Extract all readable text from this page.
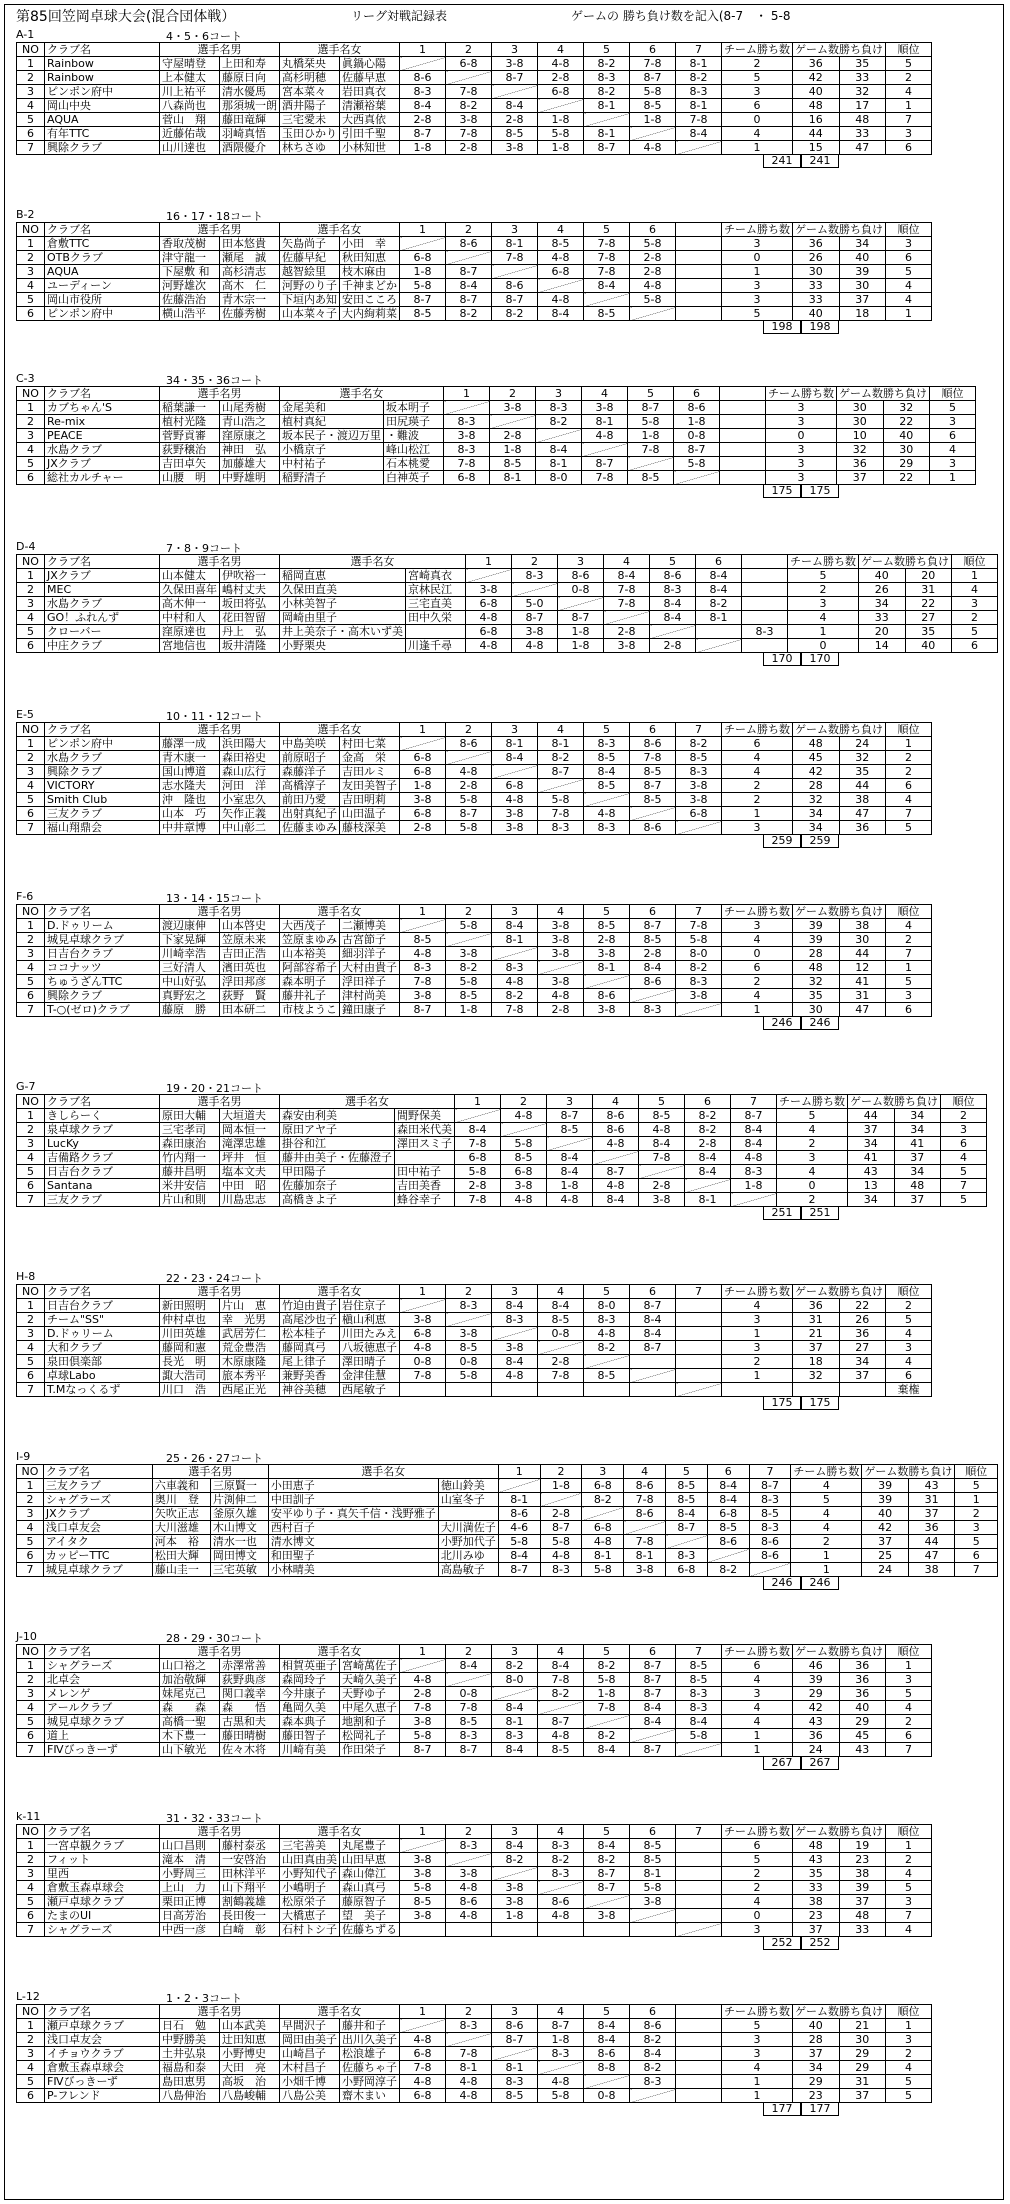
第85回笠岡卓球大会(混合団体戦）	リーグ対戦記録表	ゲームの 勝ち負け数を記入(8-7　・ 5-8
A-1	4・5・6コート
NO	クラブ名	選手名男		選手名女		1	2	3	4	5	6	7	チーム勝ち数	ゲーム数勝ち負け		順位
1	Rainbow	守屋晴登	上田和寿	丸橋栞央	眞鍋心陽		6-8	3-8	4-8	8-2	7-8	8-1	2	36	35	5
2	Rainbow	上本健太	藤原日向	高杉明穂	佐藤早恵	8-6		8-7	2-8	8-3	8-7	8-2	5	42	33	2
3	ピンポン府中	川上祐平	清水優馬	宮本菜々	岩田真衣	8-3	7-8		6-8	8-2	5-8	8-3	3	40	32	4
4	岡山中央	八森尚也	那須城一朗	酒井陽子	清瀬裕葉	8-4	8-2	8-4		8-1	8-5	8-1	6	48	17	1
5	AQUA	菅山　翔	藤田竜輝	三宅愛未	大西真依	2-8	3-8	2-8	1-8		1-8	7-8	0	16	48	7
6	有年TTC	近藤佑哉	羽崎真悟	玉田ひかり	引田千聖	8-7	7-8	8-5	5-8	8-1		8-4	4	44	33	3
7	興除クラブ	山川達也	酒隈優介	林ちさゆ	小林知世	1-8	2-8	3-8	1-8	8-7	4-8		1	15	47	6
241	241
B-2	16・17・18コート
NO	クラブ名	選手名男		選手名女		1	2	3	4	5	6		チーム勝ち数	ゲーム数勝ち負け		順位
1	倉敷TTC	香取茂樹	田本悠貴	矢島尚子	小田　幸		8-6	8-1	8-5	7-8	5-8		3	36	34	3
2	OTBクラブ	津守龍一	瀬尾　誠	佐藤早紀	秋田知恵	6-8		7-8	4-8	7-8	2-8		0	26	40	6
3	AQUA	下屋敷 和	高杉清志	越智絵里	枝木麻由	1-8	8-7		6-8	7-8	2-8		1	30	39	5
4	ユーディーン	河野雄次	高木　仁	河野のり子	千神まどか	5-8	8-4	8-6		8-4	4-8		3	33	30	4
5	岡山市役所	佐藤浩治	青木宗一	下垣内あ知	安田こころ	8-7	8-7	8-7	4-8		5-8		3	33	37	4
6	ピンポン府中	横山浩平	佐藤秀樹	山本菜々子	大内絢莉菜	8-5	8-2	8-2	8-4	8-5			5	40	18	1
198	198
C-3	34・35・36コート
NO	クラブ名	選手名男		選手名女		1	2	3	4	5	6		チーム勝ち数	ゲーム数勝ち負け		順位
1	カブちゃん'S	稲葉謙一	山尾秀樹	金尾美和	坂本明子		3-8	8-3	3-8	8-7	8-6		3	30	32	5
2	Re-mix	植村光隆	青山浩之	植村真紀	田尻瑛子	8-3		8-2	8-1	5-8	1-8		3	30	22	3
3	PEACE	菅野貢審	窪原康之	坂本民子・渡辺万里	・難波	3-8	2-8		4-8	1-8	0-8		0	10	40	6
4	水島クラブ	荻野穣治	神田　弘	小橋京子	峰山松江	8-3	1-8	8-4		7-8	8-7		3	32	30	4
5	JXクラブ	吉田卓矢	加藤雄大	中村祐子	石本桃愛	7-8	8-5	8-1	8-7		5-8		3	36	29	3
6	総社カルチャー	山腰　明	中野雄明	稲野清子	白神英子	6-8	8-1	8-0	7-8	8-5			3	37	22	1
175	175
D-4	7・8・9コート
NO	クラブ名	選手名男		選手名女		1	2	3	4	5	6		チーム勝ち数	ゲーム数勝ち負け		順位
1	JXクラブ	山本健太	伊吹裕一	稲岡直恵	宮崎真衣		8-3	8-6	8-4	8-6	8-4		5	40	20	1
2	MEC	久保田喜年	嶋村丈夫	久保田直美	京林民江	3-8		0-8	7-8	8-3	8-4		2	26	31	4
3	水島クラブ	高木伸一	坂田将弘	小林美智子	三宅直美	6-8	5-0		7-8	8-4	8-2		3	34	22	3
4	GO！ふれんず	中村和人	花田智留	岡崎由里子	田中久栄	4-8	8-7	8-7		8-4	8-1		4	33	27	2
5	クローバー	窪原達也	丹上　弘	井上美奈子・高木いず美		6-8	3-8	1-8	2-8			8-3	1	20	35	5
6	中庄クラブ	宮地信也	坂井清隆	小野栗央	川逢千尋	4-8	4-8	1-8	3-8	2-8			0	14	40	6
170	170
E-5	10・11・12コート
NO	クラブ名	選手名男		選手名女		1	2	3	4	5	6	7	チーム勝ち数	ゲーム数勝ち負け		順位
1	ピンポン府中	藤澤一成	浜田陽大	中島美咲	村田七菜		8-6	8-1	8-1	8-3	8-6	8-2	6	48	24	1
2	水島クラブ	青木康一	森田裕史	前原昭子	金高　栄	6-8		8-4	8-2	8-5	7-8	8-5	4	45	32	2
3	興除クラブ	国山博道	森山広行	森藤洋子	吉田ルミ	6-8	4-8		8-7	8-4	8-5	8-3	4	42	35	2
4	VICTORY	志水隆夫	河田　洋	高橋淳子	友田美智子	1-8	2-8	6-8		8-5	8-7	3-8	2	28	44	6
5	Smith Club	沖　隆也	小室忠久	前田乃愛	吉田明莉	3-8	5-8	4-8	5-8		8-5	3-8	2	32	38	4
6	三友クラブ	山本　巧	矢作正義	出射真紀子	山田温子	6-8	8-7	3-8	7-8	4-8		6-8	1	34	47	7
7	福山翔鼎会	中井章博	中山彰二	佐藤まゆみ	藤枝深美	2-8	5-8	3-8	8-3	8-3	8-6		3	34	36	5
259	259
F-6	13・14・15コート
NO	クラブ名	選手名男		選手名女		1	2	3	4	5	6	7	チーム勝ち数	ゲーム数勝ち負け		順位
1	D.ドゥリーム	渡辺康伸	山本啓史	大西茂子	二瀬博美		5-8	8-4	3-8	8-5	8-7	7-8	3	39	38	4
2	城見卓球クラブ	下家晃輝	笠原未来	笠原まゆみ	古宮節子	8-5		8-1	3-8	2-8	8-5	5-8	4	39	30	2
3	日吉台クラブ	川崎幸浩	吉田正浩	山本裕美	細羽洋子	4-8	3-8		3-8	3-8	2-8	8-0	0	28	44	7
4	ココナッツ	三好清人	濱田英也	阿部容希子	大村由貴子	8-3	8-2	8-3		8-1	8-4	8-2	6	48	12	1
5	ちゅうざんTTC	中山好弘	浮田邦彦	森本明子	浮田祥子	7-8	5-8	4-8	3-8		8-6	8-3	2	32	41	5
6	興除クラブ	真野宏之	荻野　賢	藤井礼子	津村尚美	3-8	8-5	8-2	4-8	8-6		3-8	4	35	31	3
7	T-○(ゼロ)クラブ	藤原　勝	田本研二	市枝ようこ	鐘田康子	8-7	1-8	7-8	2-8	3-8	8-3		1	30	47	6
246	246
G-7	19・20・21コート
NO	クラブ名	選手名男		選手名女		1	2	3	4	5	6	7	チーム勝ち数	ゲーム数勝ち負け		順位
1	きしらーく	原田大輔	大垣道夫	森安由利美	間野保美		4-8	8-7	8-6	8-5	8-2	8-7	5	44	34	2
2	泉卓球クラブ	三宅孝司	岡本恒一	原田アヤ子	森田米代美	8-4		8-5	8-6	4-8	8-2	8-4	4	37	34	3
3	LucKy	森田康治	滝澤忠雄	掛谷和江	澤田スミ子	7-8	5-8		4-8	8-4	2-8	8-4	2	34	41	6
4	吉備路クラブ	竹内翔一	坪井　恒	藤井由美子・佐藤澄子		6-8	8-5	8-4		7-8	8-4	4-8	3	41	37	4
5	日吉台クラブ	藤井昌明	塩本文夫	甲田陽子	田中祐子	5-8	6-8	8-4	8-7		8-4	8-3	4	43	34	5
6	Santana	米井安信	中田　昭	佐藤加奈子	吉田美香	2-8	3-8	1-8	4-8	2-8		1-8	0	13	48	7
7	三友クラブ	片山和則	川島忠志	高橋きよ子	蜂谷幸子	7-8	4-8	4-8	8-4	3-8	8-1		2	34	37	5
251	251
H-8	22・23・24コート
NO	クラブ名	選手名男		選手名女		1	2	3	4	5	6	7	チーム勝ち数	ゲーム数勝ち負け		順位
1	日吉台クラブ	新田照明	片山　恵	竹迫由貴子	岩住京子		8-3	8-4	8-4	8-0	8-7		4	36	22	2
2	チーム"SS"	仲村卓也	幸　光男	高尾沙也子	槇山利恵	3-8		8-3	8-5	8-3	8-4		3	31	26	5
3	D.ドゥリーム	川田英雄	武居芳仁	松本桂子	川田たみえ	6-8	3-8		0-8	4-8	8-4		1	21	36	4
4	大和クラブ	藤岡和憲	荒金豊浩	藤岡真弓	八坂徳恵子	4-8	8-5	3-8		8-2	8-7		3	37	27	3
5	泉田倶楽部	長光　明	木原康隆	尾上律子	澤田晴子	0-8	0-8	8-4	2-8				2	18	34	4
6	卓球Labo	諏大浩司	旅本秀平	兼野美香	金津佳慧	7-8	5-8	4-8	7-8	8-5			1	32	37	6
7	T.Mなっくるず	川口　浩	西尾正光	神谷美穂	西尾敏子											棄権
175	175
I-9	25・26・27コート
NO	クラブ名	選手名男		選手名女		1	2	3	4	5	6	7	チーム勝ち数	ゲーム数勝ち負け		順位
1	三友クラブ	六車義和	三原賢一	小田恵子	徳山鈴美		1-8	6-8	8-6	8-5	8-4	8-7	4	39	43	5
2	シャグラーズ	奥川　登	片渕伸二	中田訓子	山室冬子	8-1		8-2	7-8	8-5	8-4	8-3	5	39	31	1
3	JXクラブ	矢吹正志	釜原久雄	安平ゆり子・真矢千信・浅野雅子		8-6	2-8		8-6	8-4	6-8	8-5	4	40	37	2
4	浅口卓友会	大川滋雄	木山博文	西村百子	大川満佐子	4-6	8-7	6-8		8-7	8-5	8-3	4	42	36	3
5	アイタク	河本　裕	清水一也	清水博文	小野加代子	5-8	5-8	4-8	7-8		8-6	8-6	2	37	44	5
6	カッピーTTC	松田大輝	岡田博文	和田聖子	北川みゆ	8-4	4-8	8-1	8-1	8-3		8-6	1	25	47	6
7	城見卓球クラブ	藤山圭一	三宅英敏	小林晴美	高島敏子	8-7	8-3	5-8	3-8	6-8	8-2		1	24	38	7
246	246
J-10	28・29・30コート
NO	クラブ名	選手名男		選手名女		1	2	3	4	5	6	7	チーム勝ち数	ゲーム数勝ち負け		順位
1	シャグラーズ	山口裕之	赤澤常善	相賀英亜子	宮崎萬佐子		8-4	8-2	8-4	8-2	8-7	8-5	6	46	36	1
2	北卓会	加治敬輝	荻野典彦	森岡玲子	天崎久美子	4-8		8-0	7-8	5-8	8-7	8-5	4	39	36	3
3	メレンゲ	妹尾克己	関口義幸	今井康子	天野ゆ子	2-8	0-8		8-2	1-8	8-7	8-3	3	29	36	5
4	アールクラブ	森　　森	森　　悟	亀岡久美	中尾久恵子	7-8	7-8	8-4		7-8	8-4	8-3	4	42	40	4
5	城見卓球クラブ	高橋一聖	古黒和夫	森本典子	地割和子	3-8	8-5	8-1	8-7		8-4	8-4	4	43	29	2
6	道上	木下豊一	藤田晴樹	藤田智子	松岡礼子	5-8	8-3	8-3	4-8	8-2		5-8	1	36	45	6
7	FⅣびっきーず	山下敏光	佐々木将	川崎有美	作田栄子	8-7	8-7	8-4	8-5	8-4	8-7		1	24	43	7
267	267
k-11	31・32・33コート
NO	クラブ名	選手名男		選手名女		1	2	3	4	5	6	7	チーム勝ち数	ゲーム数勝ち負け		順位
1	一宮卓観クラブ	山口昌則	藤村泰丞	三宅善美	丸尾豊子		8-3	8-4	8-3	8-4	8-5		6	48	19	1
2	フィット	滝本　清	一安啓治	山田真由美	山田早恵	3-8		8-2	8-2	8-2	8-5		5	43	23	2
3	里西	小野周三	田林洋平	小野知代子	森山偉江	3-8	3-8		8-3	8-7	8-1		2	35	38	4
4	倉敷玉森卓球会	上山　力	山下翔平	小嶋明子	森山真弓	5-8	4-8	3-8		8-7	5-8		2	33	39	5
5	瀬戸卓球クラブ	栗田正博	割鶴義雄	松原栄子	藤原智子	8-5	8-6	3-8	8-6		3-8		4	38	37	3
6	たまのUI	日高芳治	長田俊一	大橋恵子	望　美子	3-8	4-8	1-8	4-8	3-8			0	23	48	7
7	シャグラーズ	中西一彦	白崎　彰	石村トシ子	佐藤ちずる								3	37	33	4
252	252
L-12	1・2・3コート
NO	クラブ名	選手名男		選手名女		1	2	3	4	5	6		チーム勝ち数	ゲーム数勝ち負け		順位
1	瀬戸卓球クラブ	日石　勉	山本武美	早間沢子	藤井和子		8-3	8-6	8-7	8-4	8-6		5	40	21	1
2	浅口卓友会	中野勝美	辻田知恵	岡田由美子	出川久美子	4-8		8-7	1-8	8-4	8-2		3	28	30	3
3	イチョウクラブ	土井弘泉	小野博史	山崎昌子	松浪雄子	6-8	7-8		8-3	8-6	8-4		3	37	29	2
4	倉敷玉森卓球会	福島和泰	大田　亮	木村昌子	佐藤ちゃ子	7-8	8-1	8-1		8-8	8-2		4	34	29	4
5	FⅣびっきーず	島田恵男	高坂　治	小畑千博	小野岡淳子	4-8	4-8	8-3	4-8		8-3		1	29	31	5
6	P-フレンド	八島伸治	八島峻輔	八島公美	齋木まい	6-8	4-8	8-5	5-8	0-8			1	23	37	5
177	177
